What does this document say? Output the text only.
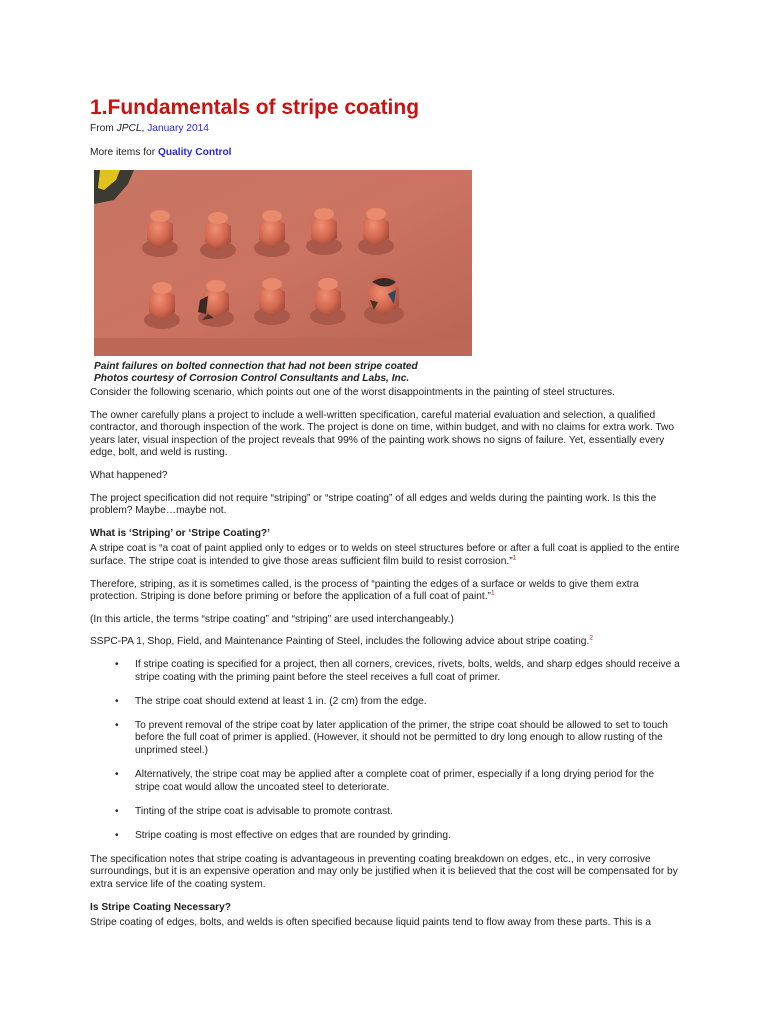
1.Fundamentals of stripe coating
From JPCL, January 2014
More items for Quality Control
Paint failures on bolted connection that had not been stripe coated
Photos courtesy of Corrosion Control Consultants and Labs, Inc.

Consider the following scenario, which points out one of the worst disappointments in the painting of steel structures.

The owner carefully plans a project to include a well-written specification, careful material evaluation and selection, a qualified contractor, and thorough inspection of the work. The project is done on time, within budget, and with no claims for extra work. Two years later, visual inspection of the project reveals that 99% of the painting work shows no signs of failure. Yet, essentially every edge, bolt, and weld is rusting.

What happened?

The project specification did not require “striping” or “stripe coating” of all edges and welds during the painting work. Is this the problem? Maybe…maybe not.

What is ‘Striping’ or ‘Stripe Coating?’

A stripe coat is “a coat of paint applied only to edges or to welds on steel structures before or after a full coat is applied to the entire surface. The stripe coat is intended to give those areas sufficient film build to resist corrosion.”$^1$

Therefore, striping, as it is sometimes called, is the process of “painting the edges of a surface or welds to give them extra protection. Striping is done before priming or before the application of a full coat of paint.”$^1$

(In this article, the terms “stripe coating” and “striping” are used interchangeably.)

SSPC-PA 1, Shop, Field, and Maintenance Painting of Steel, includes the following advice about stripe coating.$^2$

• If stripe coating is specified for a project, then all corners, crevices, rivets, bolts, welds, and sharp edges should receive a stripe coating with the priming paint before the steel receives a full coat of primer.
• The stripe coat should extend at least 1 in. (2 cm) from the edge.
• To prevent removal of the stripe coat by later application of the primer, the stripe coat should be allowed to set to touch before the full coat of primer is applied. (However, it should not be permitted to dry long enough to allow rusting of the unprimed steel.)
• Alternatively, the stripe coat may be applied after a complete coat of primer, especially if a long drying period for the stripe coat would allow the uncoated steel to deteriorate.
• Tinting of the stripe coat is advisable to promote contrast.
• Stripe coating is most effective on edges that are rounded by grinding.

The specification notes that stripe coating is advantageous in preventing coating breakdown on edges, etc., in very corrosive surroundings, but it is an expensive operation and may only be justified when it is believed that the cost will be compensated for by extra service life of the coating system.

Is Stripe Coating Necessary?

Stripe coating of edges, bolts, and welds is often specified because liquid paints tend to flow away from these parts. This is a
